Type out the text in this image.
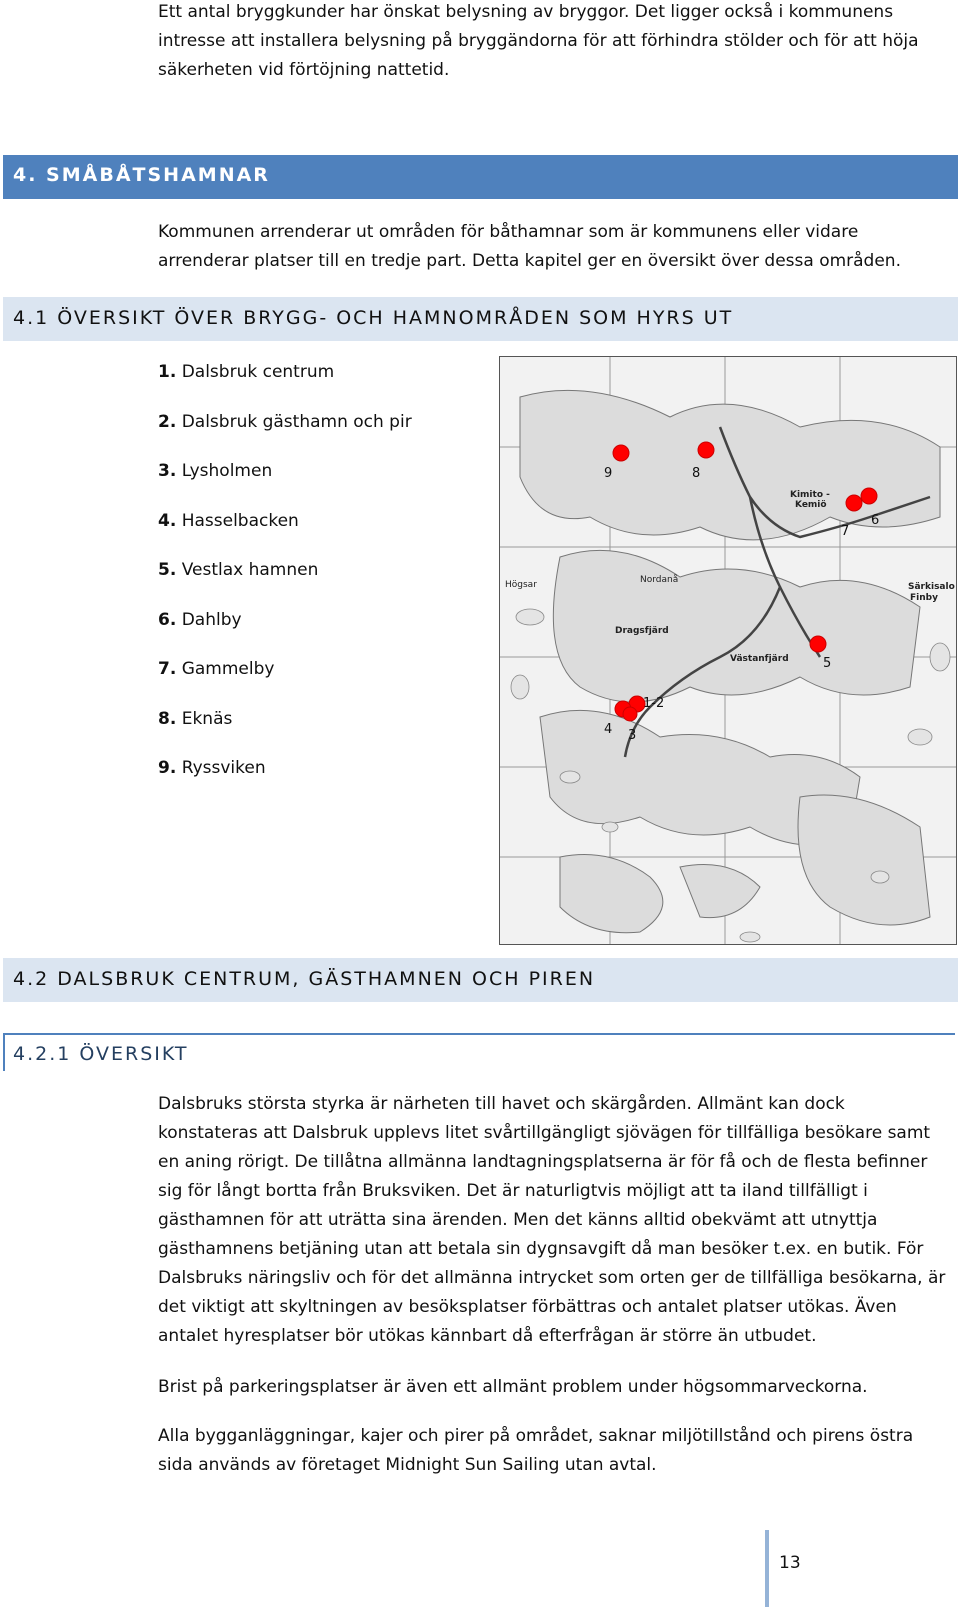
Ett antal bryggkunder har önskat belysning av bryggor. Det ligger också i kommunens intresse att installera belysning på bryggändorna för att förhindra stölder och för att höja säkerheten vid förtöjning nattetid.

4. SMÅBÅTSHAMNAR

Kommunen arrenderar ut områden för båthamnar som är kommunens eller vidare arrenderar platser till en tredje part. Detta kapitel ger en översikt över dessa områden.

4.1 ÖVERSIKT ÖVER BRYGG- OCH HAMNOMRÅDEN SOM HYRS UT
1. Dalsbruk centrum
2. Dalsbruk gästhamn och pir
3. Lysholmen
4. Hasselbacken
5. Vestlax hamnen
6. Dahlby
7. Gammelby
8. Eknäs
9. Ryssviken
Kimito -
Kemiö
Västanfjärd
Dragsfjärd
Särkisalo
Finby
Högsar	Nordanå
9	8
7
6
5
1-2
4 3
4.2 DALSBRUK CENTRUM, GÄSTHAMNEN OCH PIREN
4.2.1 ÖVERSIKT

Dalsbruks största styrka är närheten till havet och skärgården. Allmänt kan dock konstateras att Dalsbruk upplevs litet svårtillgängligt sjövägen för tillfälliga besökare samt en aning rörigt. De tillåtna allmänna landtagningsplatserna är för få och de flesta befinner sig för långt bortta från Bruksviken. Det är naturligtvis möjligt att ta iland tillfälligt i gästhamnen för att uträtta sina ärenden. Men det känns alltid obekvämt att utnyttja gästhamnens betjäning utan att betala sin dygnsavgift då man besöker t.ex. en butik. För Dalsbruks näringsliv och för det allmänna intrycket som orten ger de tillfälliga besökarna, är det viktigt att skyltningen av besöksplatser förbättras och antalet platser utökas. Även antalet hyresplatser bör utökas kännbart då efterfrågan är större än utbudet.

Brist på parkeringsplatser är även ett allmänt problem under högsommarveckorna.

Alla bygganläggningar, kajer och pirer på området, saknar miljötillstånd och pirens östra sida används av företaget Midnight Sun Sailing utan avtal.

13
